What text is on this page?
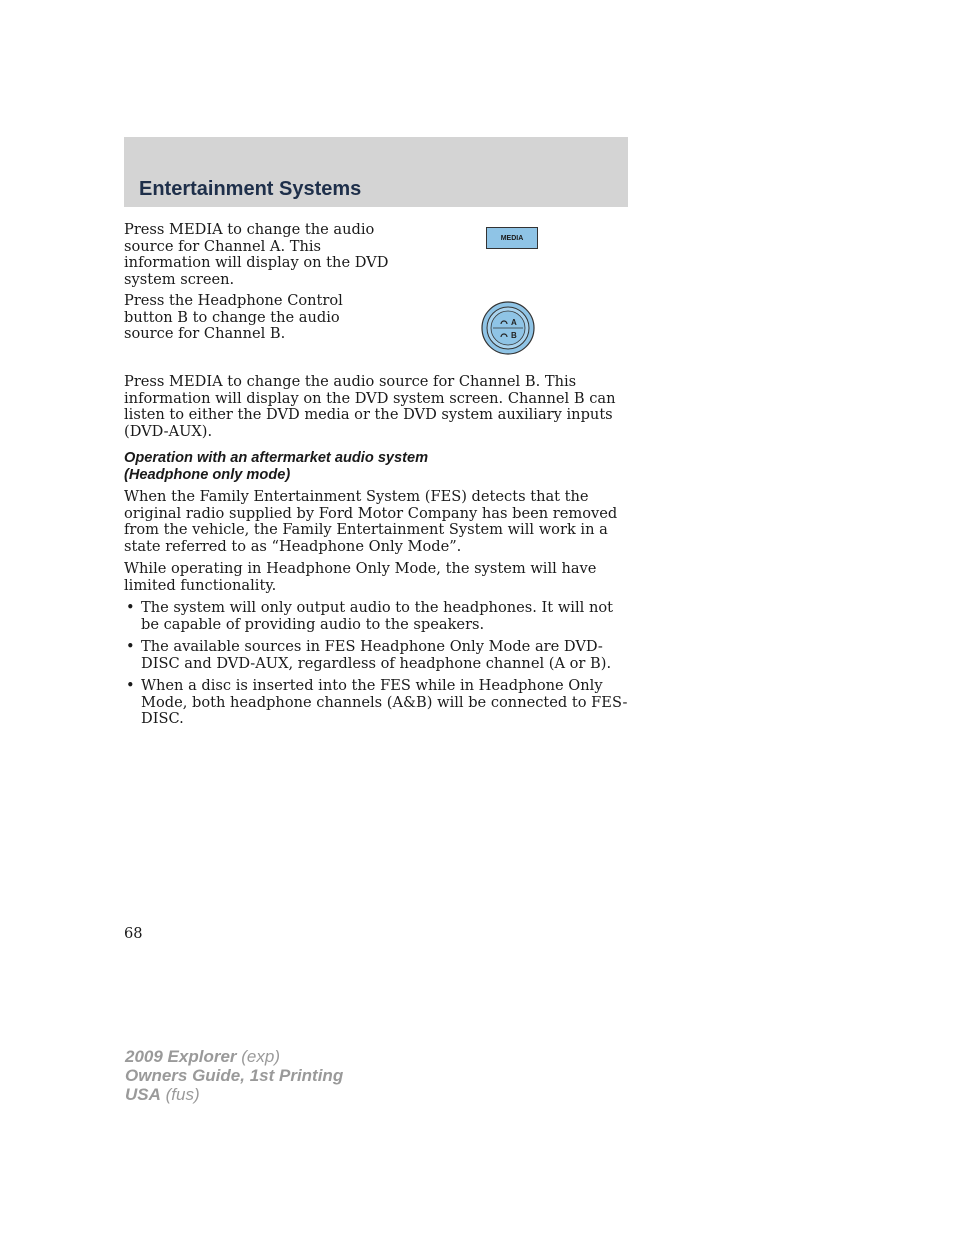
Entertainment Systems

Press MEDIA to change the audio source for Channel A. This information will display on the DVD system screen.

Press the Headphone Control button B to change the audio source for Channel B.

MEDIA
A
B

Press MEDIA to change the audio source for Channel B. This information will display on the DVD system screen. Channel B can listen to either the DVD media or the DVD system auxiliary inputs (DVD-AUX).

Operation with an aftermarket audio system
(Headphone only mode)

When the Family Entertainment System (FES) detects that the original radio supplied by Ford Motor Company has been removed from the vehicle, the Family Entertainment System will work in a state referred to as “Headphone Only Mode”.

While operating in Headphone Only Mode, the system will have limited functionality.

• The system will only output audio to the headphones. It will not be capable of providing audio to the speakers.
• The available sources in FES Headphone Only Mode are DVD-DISC and DVD-AUX, regardless of headphone channel (A or B).
• When a disc is inserted into the FES while in Headphone Only Mode, both headphone channels (A&B) will be connected to FES-DISC.
68
2009 Explorer (exp)
Owners Guide, 1st Printing
USA (fus)
